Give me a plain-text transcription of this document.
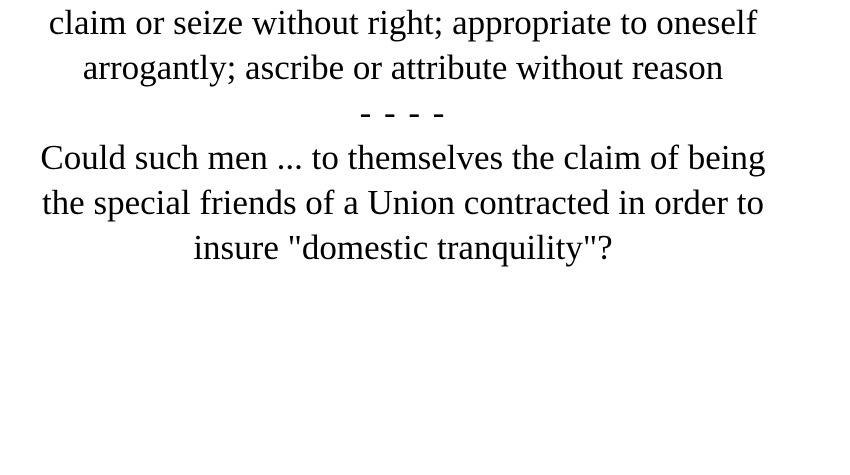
claim or seize without right; appropriate to oneself arrogantly; ascribe or attribute without reason
- - - -
Could such men ... to themselves the claim of being the special friends of a Union contracted in order to insure "domestic tranquility"?
